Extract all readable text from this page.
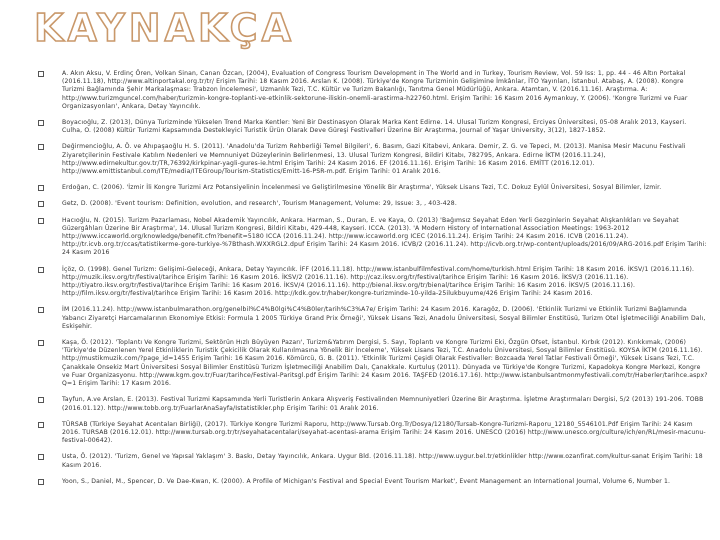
KAYNAKÇA
A. Akın Aksu, V. Erdinç Ören, Volkan Sinan, Canan Özcan, (2004), Evaluation of Congress Tourism Development in The World and in Turkey, Tourism Review, Vol. 59 Iss: 1, pp. 44 - 46 Altın Portakal (2016.11.18), http://www.altinportakal.org.tr/tr/ Erişim Tarihi: 18 Kasım 2016. Arslan K. (2008). Türkiye'de Kongre Turizminin Gelişimine İmkânlar, İTO Yayınları, İstanbul. Atabaş, A. (2008). Kongre Turizmi Bağlamında Şehir Markalaşması: Trabzon İncelemesi', Uzmanlık Tezi, T.C. Kültür ve Turizm Bakanlığı, Tanıtma Genel Müdürlüğü, Ankara. Atamtan, V. (2016.11.16). Araştırma. A: http://www.turizmguncel.com/haber/turizmin-kongre-toplanti-ve-etkinlik-sektorune-iliskin-onemli-arastirma-h22760.html. Erişim Tarihi: 16 Kasım 2016 Aymankuy, Y. (2006). 'Kongre Turizmi ve Fuar Organizasyonları', Ankara, Detay Yayıncılık.
Boyacıoğlu, Z. (2013), Dünya Turizminde Yükselen Trend Marka Kentler: Yeni Bir Destinasyon Olarak Marka Kent Edirne. 14. Ulusal Turizm Kongresi, Erciyes Üniversitesi, 05-08 Aralık 2013, Kayseri. Culha, O. (2008) Kültür Turizmi Kapsamında Destekleyici Turistik Ürün Olarak Deve Güreşi Festivalleri Üzerine Bir Araştırma, Journal of Yaşar University, 3(12), 1827-1852.
Değirmencioğlu, A. Ö. ve Ahıpaşaoğlu H. S. (2011). 'Anadolu'da Turizm Rehberliği Temel Bilgileri', 6. Basım, Gazi Kitabevi, Ankara. Demir, Z. G. ve Tepeci, M. (2013). Manisa Mesir Macunu Festivali Ziyaretçilerinin Festivale Katılım Nedenleri ve Memnuniyet Düzeylerinin Belirlenmesi, 13. Ulusal Turizm Kongresi, Bildiri Kitabı, 782795, Ankara. Edirne İKTM (2016.11.24), http://www.edirnekultur.gov.tr/TR,76392/kirkpinar-yagli-gures-ie.html Erişim Tarihi: 24 Kasım 2016. EF (2016.11.16). Erişim Tarihi: 16 Kasım 2016. EMİTT (2016.12.01). http://www.emittistanbul.com/ITE/media/ITEGroup/Tourism-Statistics/Emitt-16-PSR-m.pdf. Erişim Tarihi: 01 Aralık 2016.
Erdoğan, C. (2006). 'İzmir İli Kongre Turizmi Arz Potansiyelinin İncelenmesi ve Geliştirilmesine Yönelik Bir Araştırma', Yüksek Lisans Tezi, T.C. Dokuz Eylül Üniversitesi, Sosyal Bilimler, İzmir.
Getz, D. (2008). 'Event tourism: Definition, evolution, and research', Tourism Management, Volume: 29, Issue: 3, , 403-428.
Hacıoğlu, N. (2015). Turizm Pazarlaması, Nobel Akademik Yayıncılık, Ankara. Harman, S., Duran, E. ve Kaya, O. (2013) 'Bağımsız Seyahat Eden Yerli Gezginlerin Seyahat Alışkanlıkları ve Seyahat Güzergâhları Üzerine Bir Araştırma', 14. Ulusal Turizm Kongresi, Bildiri Kitabı, 429-448, Kayseri. ICCA. (2013). 'A Modern History of International Association Meetings: 1963-2012 http://www.iccaworld.org/knowledge/benefit.cfm?benefit=5180 ICCA (2016.11.24). http://www.iccaworld.org ICEC (2016.11.24). Erişim Tarihi: 24 Kasım 2016. ICVB (2016.11.24). http://tr.icvb.org.tr/ccas/tatistikerme-gore-turkiye-%7Bthash.WXXRGL2.dpuf Erişim Tarihi: 24 Kasım 2016. ICVB/2 (2016.11.24). http://icvb.org.tr/wp-content/uploads/2016/09/ARG-2016.pdf Erişim Tarihi: 24 Kasım 2016
İçöz, O. (1998). Genel Turizm: Gelişimi-Geleceği, Ankara, Detay Yayıncılık. İFF (2016.11.18). http://www.istanbulfilmfestival.com/home/turkish.html Erişim Tarihi: 18 Kasım 2016. İKSV/1 (2016.11.16). http://muzik.iksv.org/tr/festival/tarihce Erişim Tarihi: 16 Kasım 2016. İKSV/2 (2016.11.16). http://caz.iksv.org/tr/festival/tarihce Erişim Tarihi: 16 Kasım 2016. İKSV/3 (2016.11.16). http://tiyatro.iksv.org/tr/festival/tarihce Erişim Tarihi: 16 Kasım 2016. İKSV/4 (2016.11.16). http://bienal.iksv.org/tr/bienal/tarihce Erişim Tarihi: 16 Kasım 2016. İKSV/5 (2016.11.16). http://film.iksv.org/tr/festival/tarihce Erişim Tarihi: 16 Kasım 2016. http://kdk.gov.tr/haber/kongre-turizminde-10-yilda-25ilukbuyume/426 Erişim Tarihi: 24 Kasım 2016.
İM (2016.11.24). http://www.istanbulmarathon.org/genelbil%C4%B0lgi%C4%B0ler/tarih%C3%A7e/ Erişim Tarihi: 24 Kasım 2016. Karagöz, D. (2006). 'Etkinlik Turizmi ve Etkinlik Turizmi Bağlamında Yabancı Ziyaretçi Harcamalarının Ekonomiye Etkisi: Formula 1 2005 Türkiye Grand Prix Örneği', Yüksek Lisans Tezi, Anadolu Üniversitesi, Sosyal Bilimler Enstitüsü, Turizm Otel İşletmeciliği Anabilim Dalı, Eskişehir.
Kaşa, Ö. (2012). 'Toplantı Ve Kongre Turizmi, Sektörün Hızlı Büyüyen Pazarı', Turizm&Yatırım Dergisi, 5. Sayı, Toplantı ve Kongre Turizmi Eki, Özgün Ofset, İstanbul. Kırbık (2012). Kırıkkımak, (2006) 'Türkiye'de Düzenlenen Yerel Etkinliklerin Turistik Çekicilik Olarak Kullanılmasına Yönelik Bir İnceleme', Yüksek Lisans Tezi, T.C. Anadolu Üniversitesi, Sosyal Bilimler Enstitüsü. KOYSA İKTM (2016.11.16). http://mustikmuzik.com/?page_id=1455 Erişim Tarihi: 16 Kasım 2016. Kömürcü, G. B. (2011). 'Etkinlik Turizmi Çeşidi Olarak Festivaller: Bozcaada Yerel Tatlar Festivali Örneği', Yüksek Lisans Tezi, T.C. Çanakkale Onsekiz Mart Üniversitesi Sosyal Bilimler Enstitüsü Turizm İşletmeciliği Anabilim Dalı, Çanakkale. Kurtuluş (2011). Dünyada ve Türkiye'de Kongre Turizmi, Kapadokya Kongre Merkezi, Kongre ve Fuar Organizasyonu. http://www.kgm.gov.tr/Fuar/tarihce/Festival-Paritsgl.pdf Erişim Tarihi: 24 Kasım 2016. TAŞFED (2016.17.16). http://www.istanbulsantmonmyfestivali.com/tr/Haberler/tarihce.aspx?Q=1 Erişim Tarihi: 17 Kasım 2016.
Tayfun, A.ve Arslan, E. (2013). Festival Turizmi Kapsamında Yerli Turistlerin Ankara Alışveriş Festivalinden Memnuniyetleri Üzerine Bir Araştırma. İşletme Araştırmaları Dergisi, 5/2 (2013) 191-206. TOBB (2016.01.12). http://www.tobb.org.tr/FuarlarAnaSayfa/Istatistikler.php Erişim Tarihi: 01 Aralık 2016.
TÜRSAB (Türkiye Seyahat Acentaları Birliği), (2017). Türkiye Kongre Turizmi Raporu, http://www.Tursab.Org.Tr/Dosya/12180/Tursab-Kongre-Turizmi-Raporu_12180_5546101.Pdf Erişim Tarihi: 24 Kasım 2016. TURSAB (2016.12.01). http://www.tursab.org.tr/tr/seyahatacentalari/seyahat-acentasi-arama Erişim Tarihi: 24 Kasım 2016. UNESCO (2016) http://www.unesco.org/culture/ich/en/RL/mesir-macunu-festival-00642).
Usta, Ö. (2012). 'Turizm, Genel ve Yapısal Yaklaşım' 3. Baskı, Detay Yayıncılık, Ankara. Uygur Bld. (2016.11.18). http://www.uygur.bel.tr/etkinlikler http://www.ozanfirat.com/kultur-sanat Erişim Tarihi: 18 Kasım 2016.
Yoon, S., Daniel, M., Spencer, D. Ve Dae-Kwan, K. (2000). A Profile of Michigan's Festival and Special Event Tourism Market', Event Management an International Journal, Volume 6, Number 1.
